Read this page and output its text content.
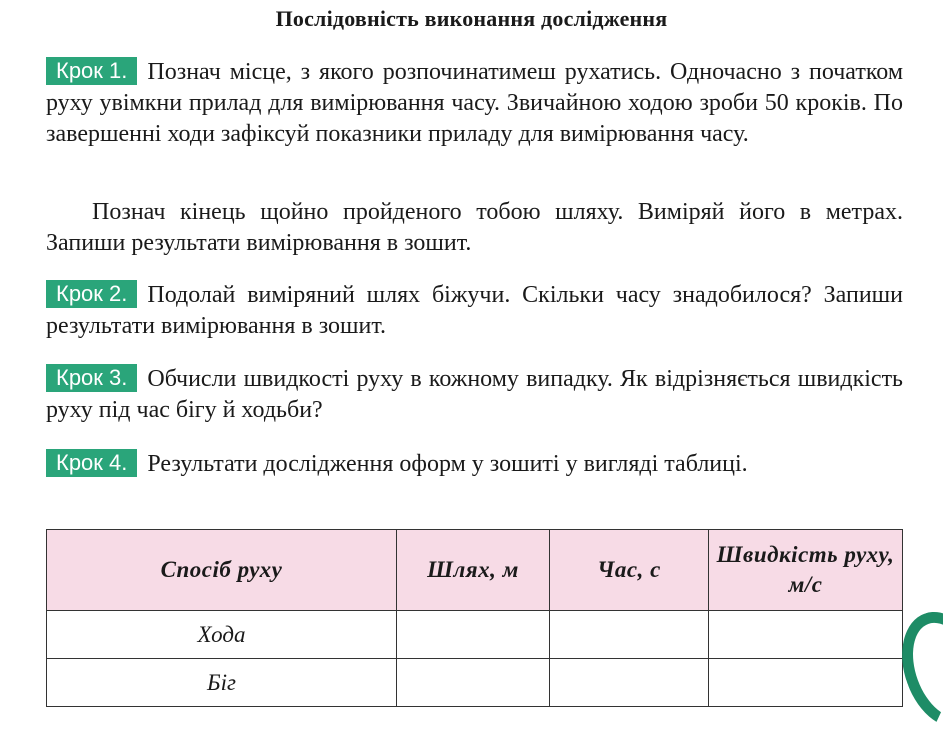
Послідовність виконання дослідження

Крок 1. Познач місце, з якого розпочинатимеш рухатись. Одночасно з початком руху увімкни прилад для вимірювання часу. Звичайною ходою зроби 50 кроків. По завершенні ходи зафіксуй показники приладу для вимірювання часу.

Познач кінець щойно пройденого тобою шляху. Виміряй його в метрах. Запиши результати вимірювання в зошит.

Крок 2. Подолай виміряний шлях біжучи. Скільки часу знадобилося? Запиши результати вимірювання в зошит.

Крок 3. Обчисли швидкості руху в кожному випадку. Як відрізняється швидкість руху під час бігу й ходьби?

Крок 4. Результати дослідження оформ у зошиті у вигляді таблиці.

Спосіб руху	Шлях, м	Час, с	Швидкість руху, м/с
Хода			
Біг			
